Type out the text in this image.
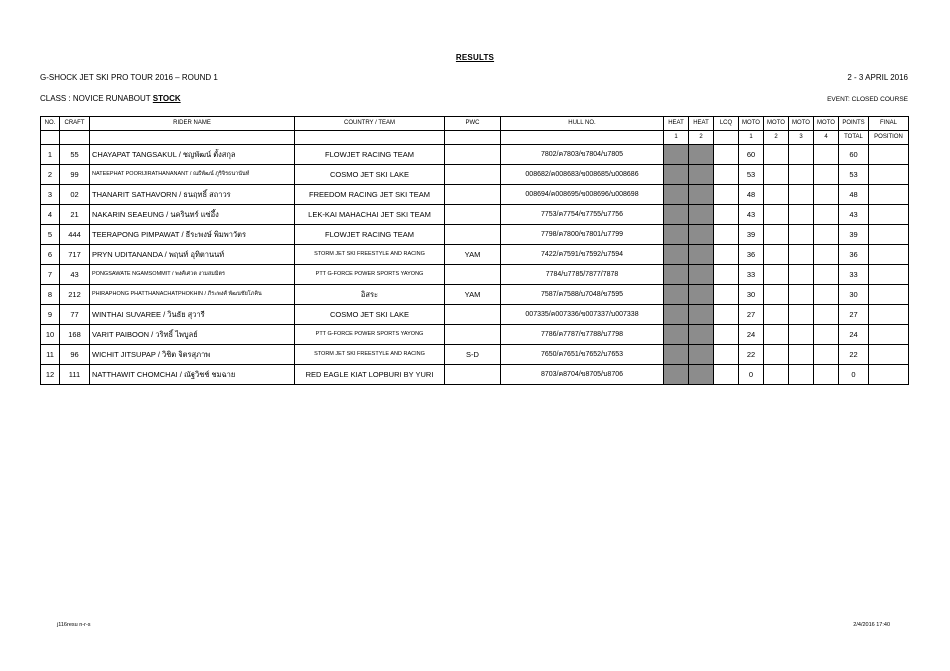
RESULTS
G-SHOCK JET SKI PRO TOUR 2016 – ROUND 1	2 - 3 APRIL 2016
CLASS : NOVICE RUNABOUT STOCK	EVENT: CLOSED COURSE
NO.	CRAFT	RIDER NAME	COUNTRY / TEAM	PWC	HULL NO.	HEAT	HEAT	LCQ	MOTO	MOTO	MOTO	MOTO	POINTS	FINAL
						1	2		1	2	3	4	TOTAL	POSITION
1	55	CHAYAPAT TANGSAKUL / ชญพัฒน์ ตั้งสกุล	FLOWJET RACING TEAM		7802/ค7803/ข7804/บ7805				60				60	
2	99	NATEEPHAT POORIJIRATHANANANT / ณธีพัฒน์ ภูริจิรธนานันท์	COSMO JET SKI LAKE		008682/ค008683/ข008685/บ008686				53				53	
3	02	THANARIT SATHAVORN / ธนฤทธิ์ สถาวร	FREEDOM RACING JET SKI TEAM		008694/ค008695/ข008696/บ008698				48				48	
4	21	NAKARIN SEAEUNG / นครินทร์ แซ่อึ้ง	LEK-KAI MAHACHAI JET SKI TEAM		7753/ค7754/ข7755/บ7756				43				43	
5	444	TEERAPONG PIMPAWAT / ธีระพงษ์ พิมพาวัตร	FLOWJET RACING TEAM		7798/ค7800/ข7801/บ7799				39				39	
6	717	PRYN UDITANANDA / พฤนท์ อุทิตานนท์	STORM JET SKI FREESTYLE AND RACING	YAM	7422/ค7591/ข7592/บ7594				36				36	
7	43	PONGSAWATE NGAMSOMMIT / พงศ์เศวต งามสมมิตร	PTT G-FORCE POWER SPORTS YAYONG		7784/บ7785/7877/7878				33				33	
8	212	PHIRAPHONG PHATTHANACHATPHOKHIN / ภีระพงศ์ พัฒนชัยโภคิน	อิสระ	YAM	7587/ค7588/บ7048/ข7595				30				30	
9	77	WINTHAI SUVAREE / วินธัย สุวารี	COSMO JET SKI LAKE		007335/ค007336/ข007337/บ007338				27				27	
10	168	VARIT PAIBOON / วริทธิ์ ไพบูลย์	PTT G-FORCE POWER SPORTS YAYONG		7786/ค7787/ข7788/บ7798				24				24	
11	96	WICHIT JITSUPAP / วิชิต จิตรสุภาพ	STORM JET SKI FREESTYLE AND RACING	S-D	7650/ค7651/ข7652/บ7653				22				22	
12	111	NATTHAWIT CHOMCHAI / ณัฐวิชช์ ชมฉาย	RED EAGLE KIAT LOPBURI BY YURI		8703/ค8704/ข8705/บ8706				0				0	
j116resu n-r-s	2/4/2016 17:40
